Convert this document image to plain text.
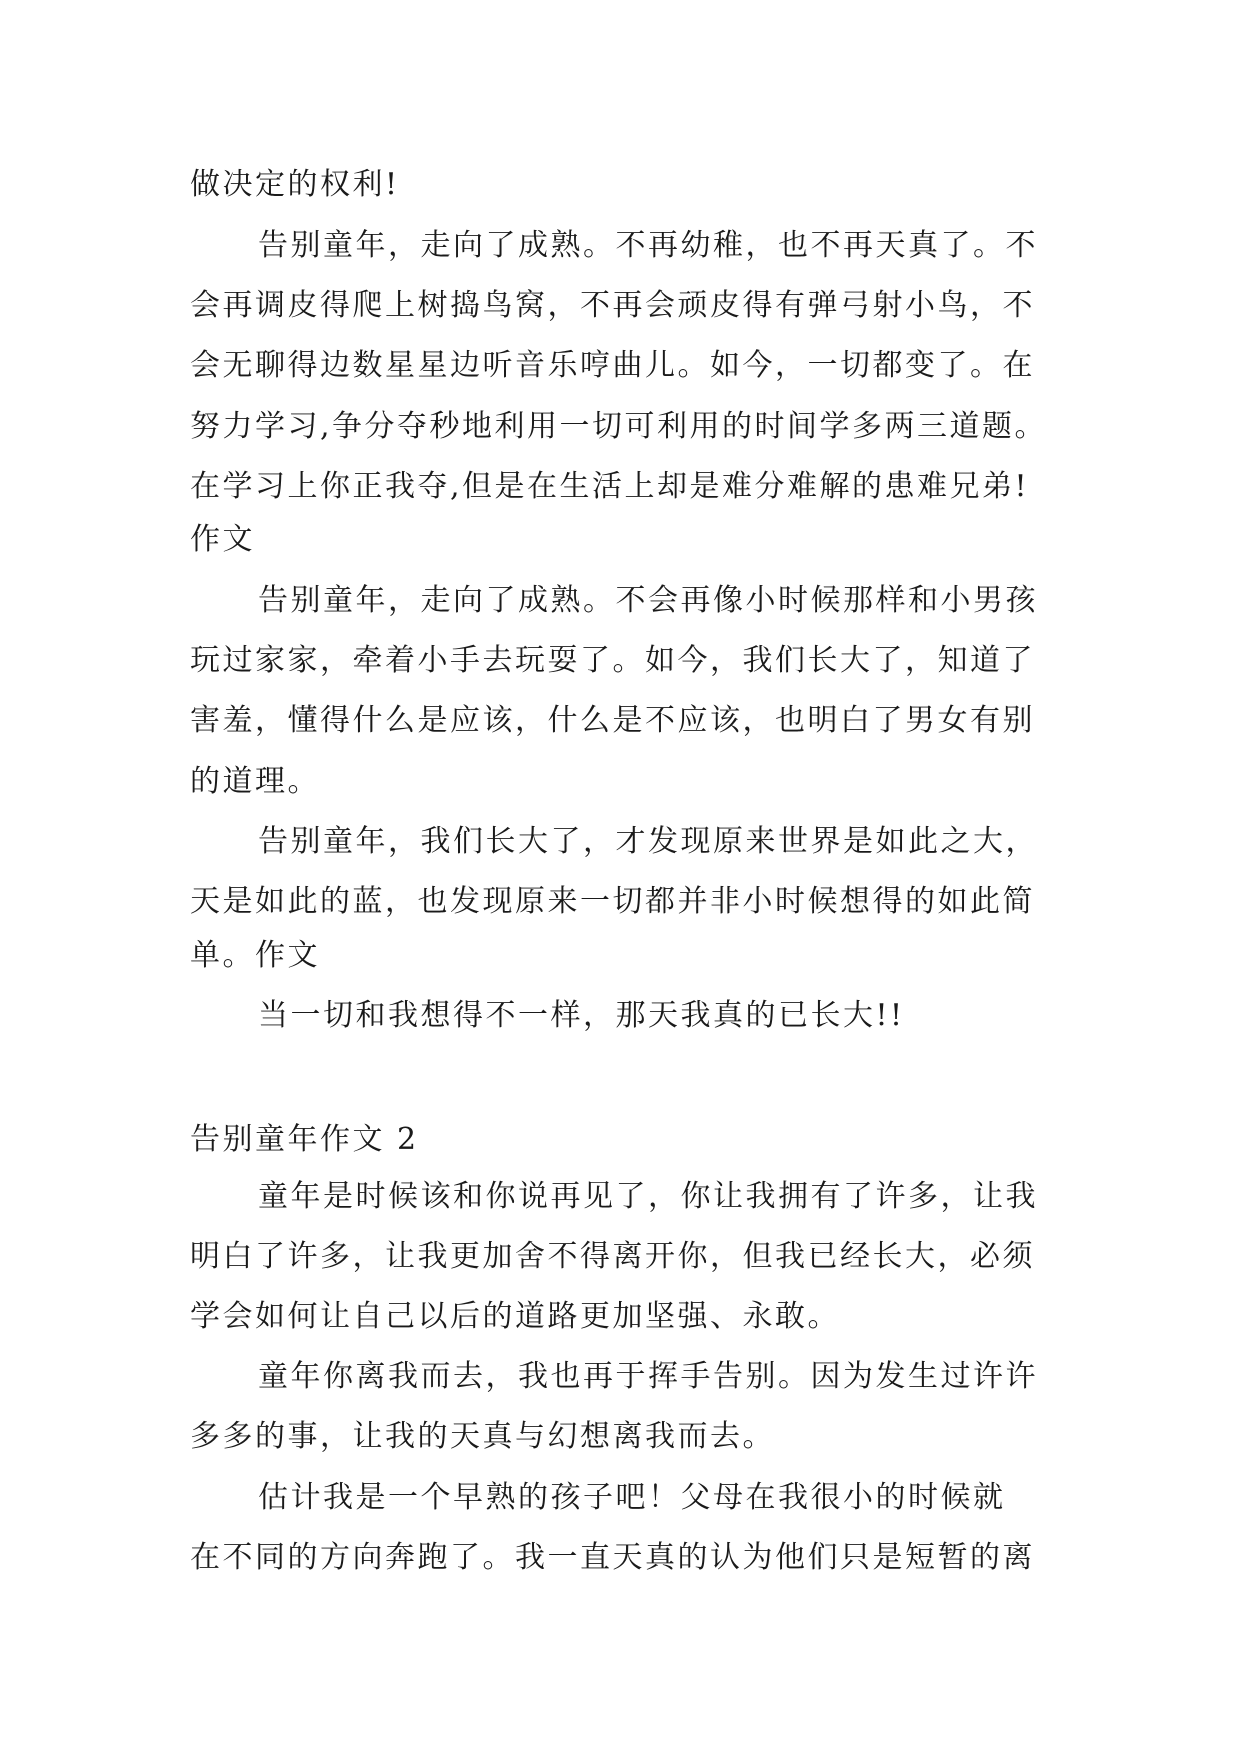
做决定的权利!
告别童年，走向了成熟。不再幼稚，也不再天真了。不
会再调皮得爬上树捣鸟窝，不再会顽皮得有弹弓射小鸟，不
会无聊得边数星星边听音乐哼曲儿。如今，一切都变了。在
努力学习,争分夺秒地利用一切可利用的时间学多两三道题。
在学习上你正我夺,但是在生活上却是难分难解的患难兄弟!
作文
告别童年，走向了成熟。不会再像小时候那样和小男孩
玩过家家，牵着小手去玩耍了。如今，我们长大了，知道了
害羞，懂得什么是应该，什么是不应该，也明白了男女有别
的道理。
告别童年，我们长大了，才发现原来世界是如此之大，
天是如此的蓝，也发现原来一切都并非小时候想得的如此简
单。作文
当一切和我想得不一样，那天我真的已长大!!
告别童年作文 2
童年是时候该和你说再见了，你让我拥有了许多，让我
明白了许多，让我更加舍不得离开你，但我已经长大，必须
学会如何让自己以后的道路更加坚强、永敢。
童年你离我而去，我也再于挥手告别。因为发生过许许
多多的事，让我的天真与幻想离我而去。
估计我是一个早熟的孩子吧！父母在我很小的时候就
在不同的方向奔跑了。我一直天真的认为他们只是短暂的离
